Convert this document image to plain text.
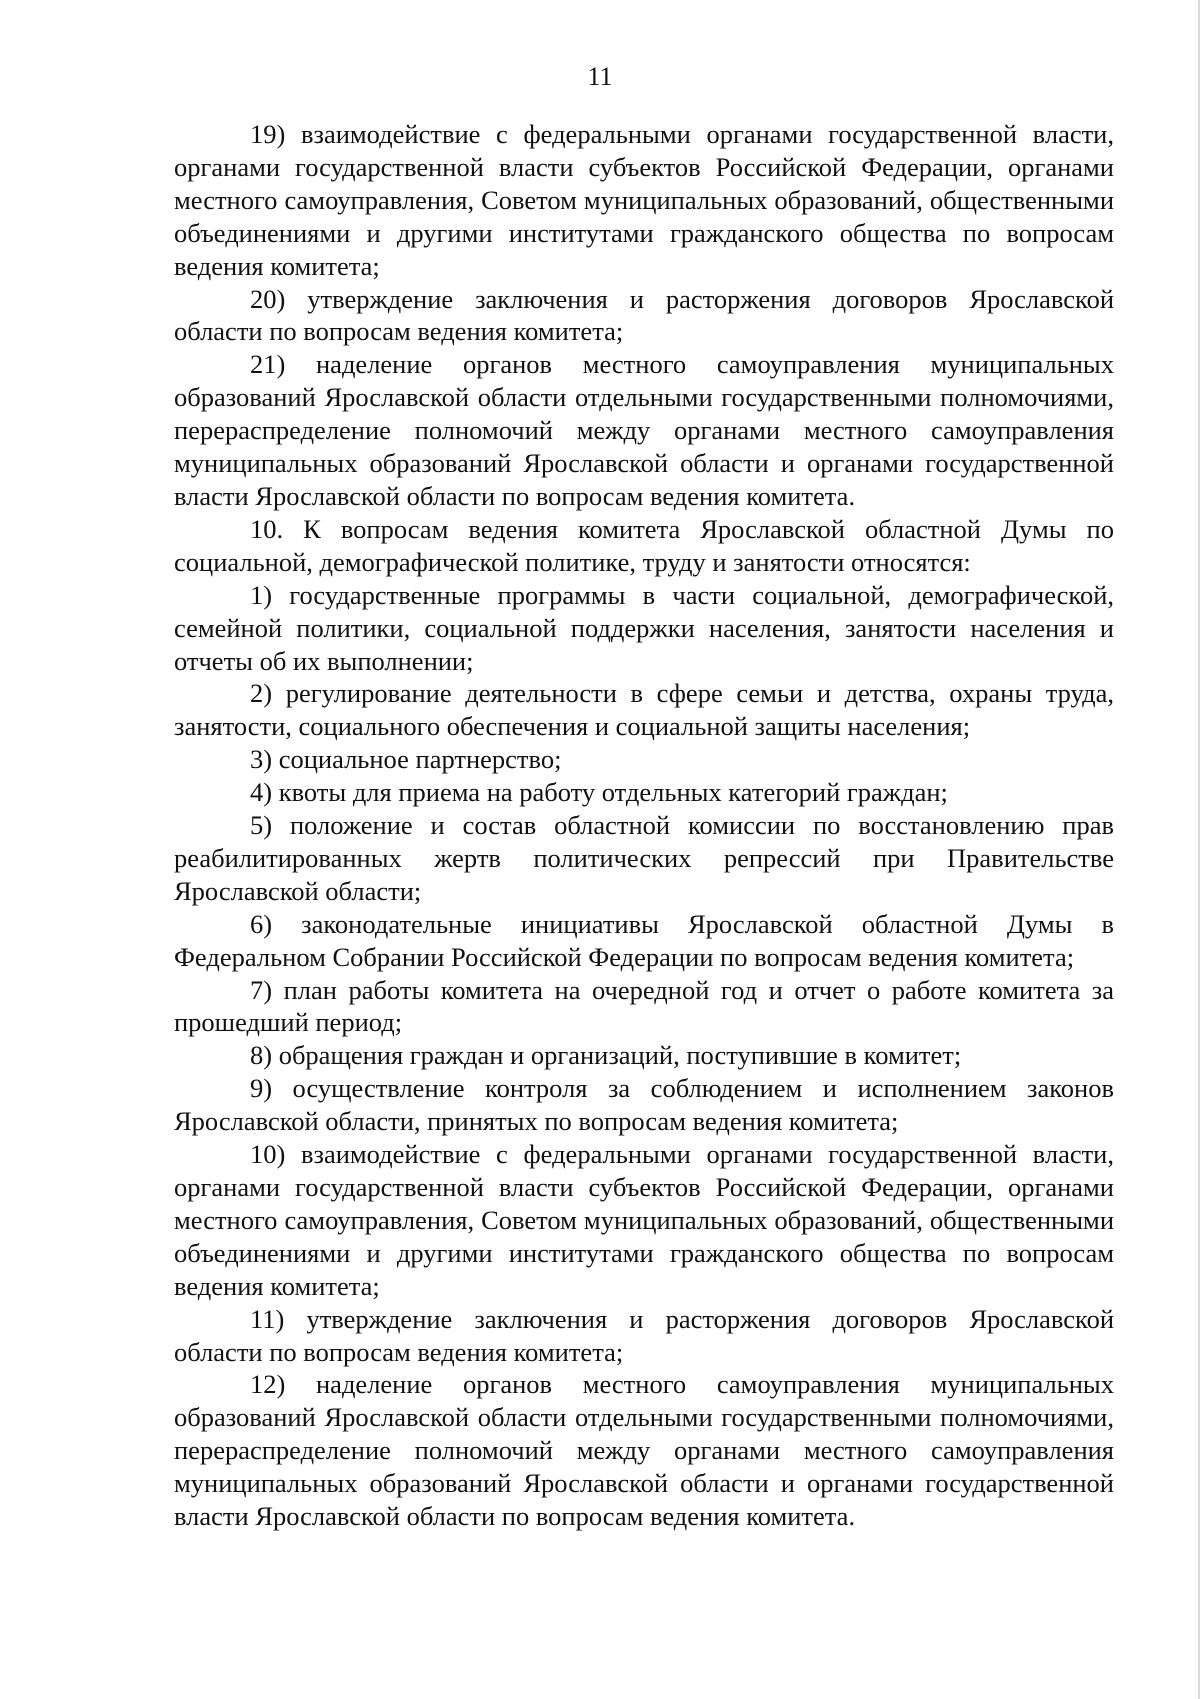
11

19) взаимодействие с федеральными органами государственной власти, органами государственной власти субъектов Российской Федерации, органами местного самоуправления, Советом муниципальных образований, общественными объединениями и другими институтами гражданского общества по вопросам ведения комитета;

20) утверждение заключения и расторжения договоров Ярославской области по вопросам ведения комитета;

21) наделение органов местного самоуправления муниципальных образований Ярославской области отдельными государственными полномочиями, перераспределение полномочий между органами местного самоуправления муниципальных образований Ярославской области и органами государственной власти Ярославской области по вопросам ведения комитета.

10. К вопросам ведения комитета Ярославской областной Думы по социальной, демографической политике, труду и занятости относятся:

1) государственные программы в части социальной, демографической, семейной политики, социальной поддержки населения, занятости населения и отчеты об их выполнении;

2) регулирование деятельности в сфере семьи и детства, охраны труда, занятости, социального обеспечения и социальной защиты населения;

3) социальное партнерство;

4) квоты для приема на работу отдельных категорий граждан;

5) положение и состав областной комиссии по восстановлению прав реабилитированных жертв политических репрессий при Правительстве Ярославской области;

6) законодательные инициативы Ярославской областной Думы в Федеральном Собрании Российской Федерации по вопросам ведения комитета;

7) план работы комитета на очередной год и отчет о работе комитета за прошедший период;

8) обращения граждан и организаций, поступившие в комитет;

9) осуществление контроля за соблюдением и исполнением законов Ярославской области, принятых по вопросам ведения комитета;

10) взаимодействие с федеральными органами государственной власти, органами государственной власти субъектов Российской Федерации, органами местного самоуправления, Советом муниципальных образований, общественными объединениями и другими институтами гражданского общества по вопросам ведения комитета;

11) утверждение заключения и расторжения договоров Ярославской области по вопросам ведения комитета;

12) наделение органов местного самоуправления муниципальных образований Ярославской области отдельными государственными полномочиями, перераспределение полномочий между органами местного самоуправления муниципальных образований Ярославской области и органами государственной власти Ярославской области по вопросам ведения комитета.
